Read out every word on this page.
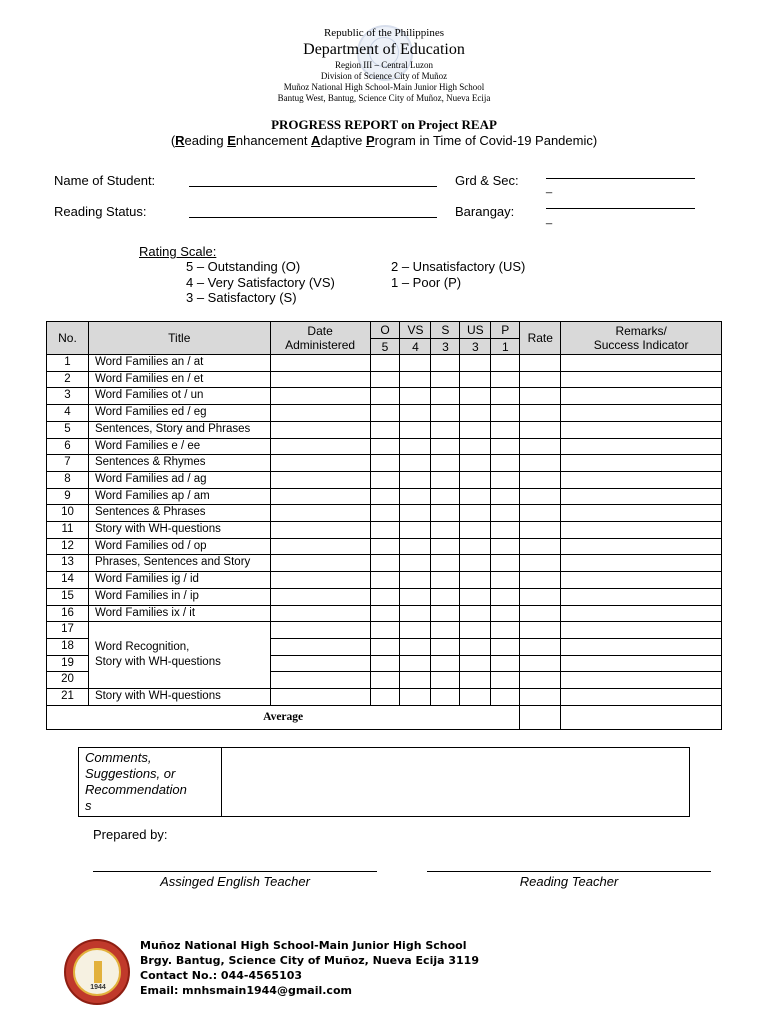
Republic of the Philippines
Department of Education
Region III – Central Luzon
Division of Science City of Muñoz
Muñoz National High School-Main Junior High School
Bantug West, Bantug, Science City of Muñoz, Nueva Ecija
PROGRESS REPORT on Project REAP
(Reading Enhancement Adaptive Program in Time of Covid-19 Pandemic)
Name of Student:	Grd & Sec: _
Reading Status:	Barangay:	_
Rating Scale:
5 – Outstanding (O)
4 – Very Satisfactory (VS)
3 – Satisfactory (S)
2 – Unsatisfactory (US)
1 – Poor (P)
No.	Title	Date
Administered	O	VS	S	US	P	Rate	Remarks/
Success Indicator
			5	4	3	3	1		
1	Word Families an / at								
2	Word Families en / et								
3	Word Families ot / un								
4	Word Families ed / eg								
5	Sentences, Story and Phrases								
6	Word Families e / ee								
7	Sentences & Rhymes								
8	Word Families ad / ag								
9	Word Families ap / am								
10	Sentences & Phrases								
11	Story with WH-questions								
12	Word Families od / op								
13	Phrases, Sentences and Story								
14	Word Families ig / id								
15	Word Families in / ip								
16	Word Families ix / it								
17	Word Recognition,
Story with WH-questions								
18									
19									
20									
21	Story with WH-questions								
Average									
Comments,
Suggestions, or
Recommendation
s	
Prepared by:
Assinged English Teacher	Reading Teacher
1944
Muñoz National High School-Main Junior High School
Brgy. Bantug, Science City of Muñoz, Nueva Ecija 3119
Contact No.: 044-4565103
Email: mnhsmain1944@gmail.com
